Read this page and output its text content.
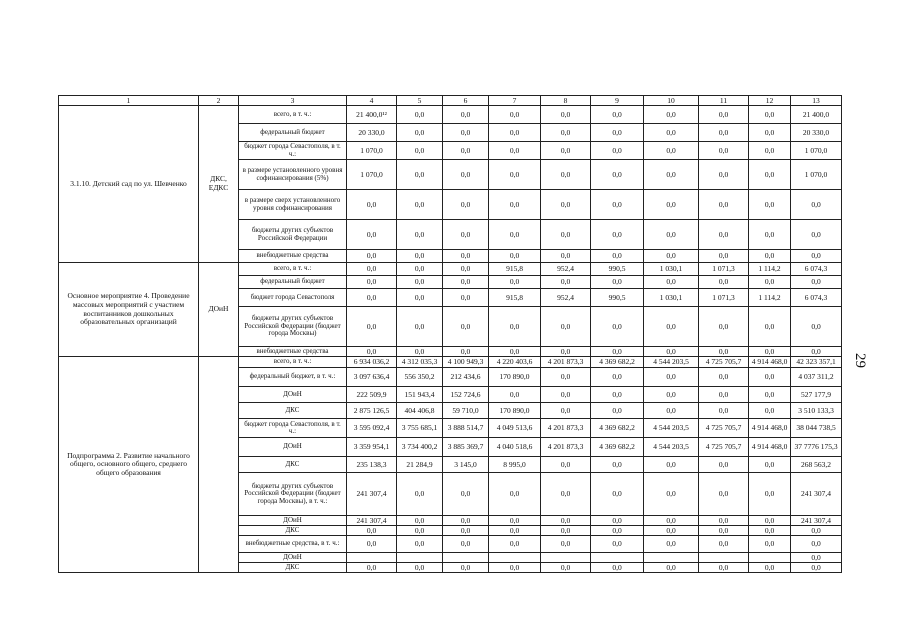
1	2	3	4	5	6	7	8	9	10	11	12	13
3.1.10. Детский сад по ул. Шевченко	ДКС, ЕДКС	всего, в т. ч.:	21 400,0¹²	0,0	0,0	0,0	0,0	0,0	0,0	0,0	0,0	21 400,0
		федеральный бюджет	20 330,0	0,0	0,0	0,0	0,0	0,0	0,0	0,0	0,0	20 330,0
		бюджет города Севастополя, в т. ч.:	1 070,0	0,0	0,0	0,0	0,0	0,0	0,0	0,0	0,0	1 070,0
		в размере установленного уровня софинансирования (5%)	1 070,0	0,0	0,0	0,0	0,0	0,0	0,0	0,0	0,0	1 070,0
		в размере сверх установленного уровня софинансирования	0,0	0,0	0,0	0,0	0,0	0,0	0,0	0,0	0,0	0,0
		бюджеты других субъектов Российской Федерации	0,0	0,0	0,0	0,0	0,0	0,0	0,0	0,0	0,0	0,0
		внебюджетные средства	0,0	0,0	0,0	0,0	0,0	0,0	0,0	0,0	0,0	0,0
Основное мероприятие 4. Проведение массовых мероприятий с участием воспитанников дошкольных образовательных организаций	ДОиН	всего, в т. ч.:	0,0	0,0	0,0	915,8	952,4	990,5	1 030,1	1 071,3	1 114,2	6 074,3
		федеральный бюджет	0,0	0,0	0,0	0,0	0,0	0,0	0,0	0,0	0,0	0,0
		бюджет города Севастополя	0,0	0,0	0,0	915,8	952,4	990,5	1 030,1	1 071,3	1 114,2	6 074,3
		бюджеты других субъектов Российской Федерации (бюджет города Москвы)	0,0	0,0	0,0	0,0	0,0	0,0	0,0	0,0	0,0	0,0
		внебюджетные средства	0,0	0,0	0,0	0,0	0,0	0,0	0,0	0,0	0,0	0,0
Подпрограмма 2. Развитие начального общего, основного общего, среднего общего образования		всего, в т. ч.:	6 934 036,2	4 312 035,3	4 100 949,3	4 220 403,6	4 201 873,3	4 369 682,2	4 544 203,5	4 725 705,7	4 914 468,0	42 323 357,1
		федеральный бюджет, в т. ч.:	3 097 636,4	556 350,2	212 434,6	170 890,0	0,0	0,0	0,0	0,0	0,0	4 037 311,2
		ДОиН	222 509,9	151 943,4	152 724,6	0,0	0,0	0,0	0,0	0,0	0,0	527 177,9
		ДКС	2 875 126,5	404 406,8	59 710,0	170 890,0	0,0	0,0	0,0	0,0	0,0	3 510 133,3
		бюджет города Севастополя, в т. ч.:	3 595 092,4	3 755 685,1	3 888 514,7	4 049 513,6	4 201 873,3	4 369 682,2	4 544 203,5	4 725 705,7	4 914 468,0	38 044 738,5
		ДОиН	3 359 954,1	3 734 400,2	3 885 369,7	4 040 518,6	4 201 873,3	4 369 682,2	4 544 203,5	4 725 705,7	4 914 468,0	37 7776 175,3
		ДКС	235 138,3	21 284,9	3 145,0	8 995,0	0,0	0,0	0,0	0,0	0,0	268 563,2
		бюджеты других субъектов Российской Федерации (бюджет города Москвы), в т. ч.:	241 307,4	0,0	0,0	0,0	0,0	0,0	0,0	0,0	0,0	241 307,4
		ДОиН	241 307,4	0,0	0,0	0,0	0,0	0,0	0,0	0,0	0,0	241 307,4
		ДКС	0,0	0,0	0,0	0,0	0,0	0,0	0,0	0,0	0,0	0,0
		внебюджетные средства, в т. ч.:	0,0	0,0	0,0	0,0	0,0	0,0	0,0	0,0	0,0	0,0
		ДОиН										0,0
		ДКС	0,0	0,0	0,0	0,0	0,0	0,0	0,0	0,0	0,0	0,0
29
